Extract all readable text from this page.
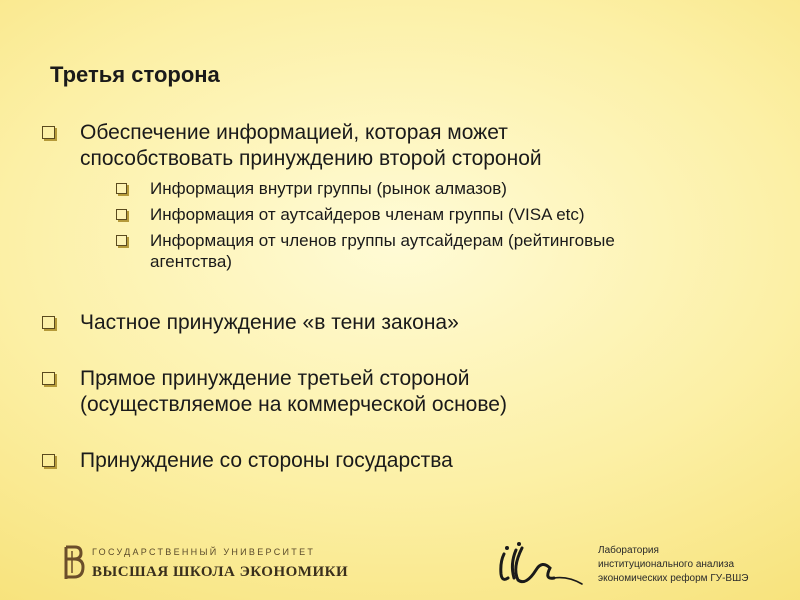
Третья сторона
Обеспечение информацией, которая может
способствовать принуждению второй стороной
Информация внутри группы (рынок алмазов)
Информация от аутсайдеров членам группы (VISA etc)
Информация от членов группы аутсайдерам (рейтинговые
агентства)
Частное принуждение «в тени закона»
Прямое принуждение третьей стороной
(осуществляемое на коммерческой основе)
Принуждение со стороны государства
ГОСУДАРСТВЕННЫЙ УНИВЕРСИТЕТ
ВЫСШАЯ ШКОЛА ЭКОНОМИКИ
Лаборатория
институционального анализа
экономических реформ ГУ-ВШЭ
